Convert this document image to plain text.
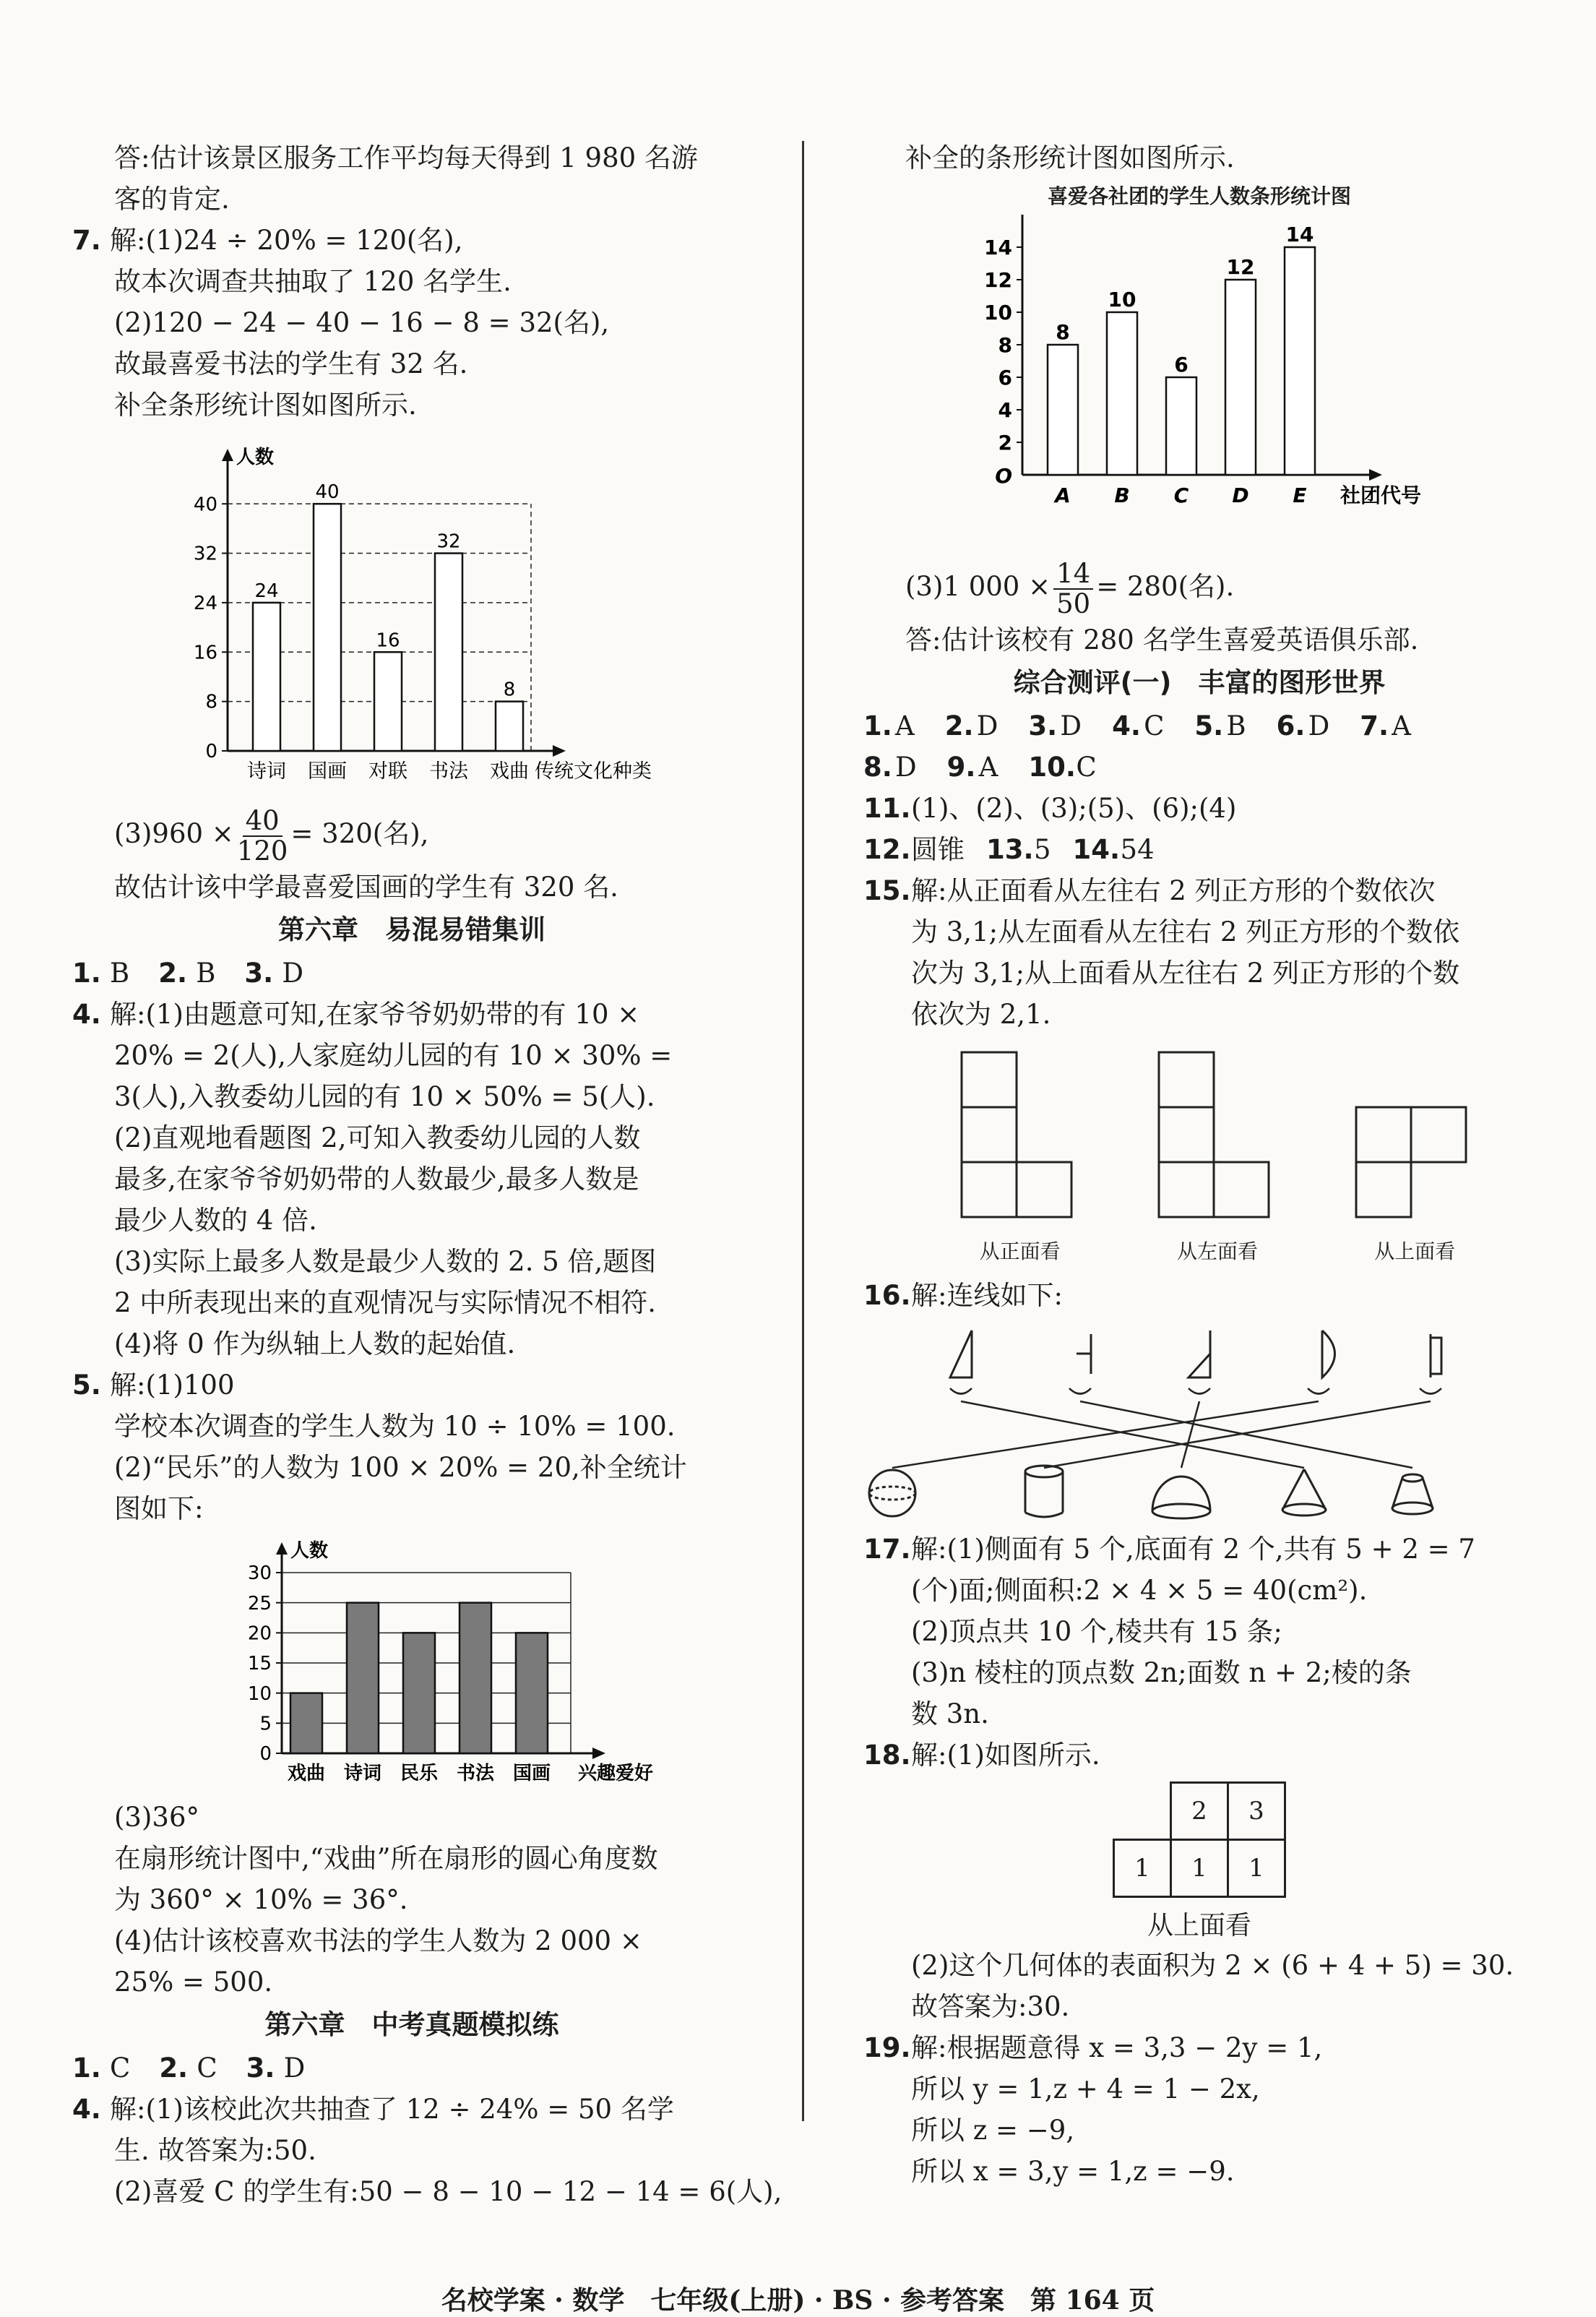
答:估计该景区服务工作平均每天得到 1 980 名游

客的肯定.

7. 解:(1)24 ÷ 20% = 120(名),

故本次调查共抽取了 120 名学生.

(2)120 − 24 − 40 − 16 − 8 = 32(名),

故最喜爱书法的学生有 32 名.

补全条形统计图如图所示.

人数
0
8
16
24
32
40
24
诗词
40
国画
16
对联
32
书法
8
戏曲 传统文化种类

$(3)960 \times \frac{40}{120} = 320$(名),

故估计该中学最喜爱国画的学生有 320 名.

第六章　易混易错集训

1. B 2. B 3. D

4. 解:(1)由题意可知,在家爷爷奶奶带的有 10 ×

20% = 2(人),人家庭幼儿园的有 10 × 30% =

3(人),入教委幼儿园的有 10 × 50% = 5(人).

(2)直观地看题图 2,可知入教委幼儿园的人数

最多,在家爷爷奶奶带的人数最少,最多人数是

最少人数的 4 倍.

(3)实际上最多人数是最少人数的 2. 5 倍,题图

2 中所表现出来的直观情况与实际情况不相符.

(4)将 0 作为纵轴上人数的起始值.

5. 解:(1)100

学校本次调查的学生人数为 10 ÷ 10% = 100.

(2)“民乐”的人数为 100 × 20% = 20,补全统计

图如下:

人数
0
5
10
15
20
25
30
戏曲 诗词 民乐 书法 国画 兴趣爱好

(3)36°

在扇形统计图中,“戏曲”所在扇形的圆心角度数

为 360° × 10% = 36°.

(4)估计该校喜欢书法的学生人数为 2 000 ×

25% = 500.

第六章　中考真题模拟练

1. C 2. C 3. D

4. 解:(1)该校此次共抽查了 12 ÷ 24% = 50 名学

生. 故答案为:50.

(2)喜爱 C 的学生有:50 − 8 − 10 − 12 − 14 = 6(人),

补全的条形统计图如图所示.

喜爱各社团的学生人数条形统计图
2
4
6
8
10
12
14
O
8
A
10
B
6
C
12
D
14
E 社团代号

(3)1 $000 \times \frac{14}{50} = 280$(名).

答:估计该校有 280 名学生喜爱英语俱乐部.

综合测评(一)　丰富的图形世界

1. A 2. D 3. D 4. C 5. B 6. D 7. A

8. D 9. A 10.C

11.(1)、(2)、(3);(5)、(6);(4)

12.圆锥 13.5 14.54

15.解:从正面看从左往右 2 列正方形的个数依次

为 3,1;从左面看从左往右 2 列正方形的个数依

次为 3,1;从上面看从左往右 2 列正方形的个数

依次为 2,1.

从正面看	从左面看	从上面看

16.解:连线如下:

17.解:(1)侧面有 5 个,底面有 2 个,共有 5 + 2 = 7

(个)面;侧面积:2 × 4 × 5 = 40(cm²).

(2)顶点共 10 个,棱共有 15 条;

(3)n 棱柱的顶点数 2n;面数 n + 2;棱的条

数 3n.

18.解:(1)如图所示.

	2	3
1	1	1
从上面看

(2)这个几何体的表面积为 2 × (6 + 4 + 5) = 30.

故答案为:30.

19.解:根据题意得 x = 3,3 − 2y = 1,

所以 y = 1,z + 4 = 1 − 2x,

所以 z = −9,

所以 x = 3,y = 1,z = −9.

名校学案 · 数学　七年级(上册) · BS · 参考答案　第 164 页
